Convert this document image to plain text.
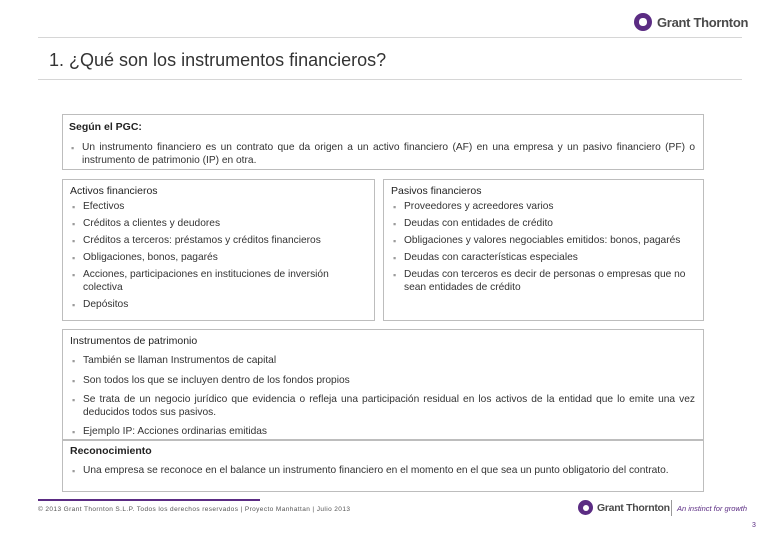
Grant Thornton
1. ¿Qué son los instrumentos financieros?
Según el PGC:
▪ Un instrumento financiero es un contrato que da origen a un activo financiero (AF) en una empresa y un pasivo financiero (PF) o instrumento de patrimonio (IP) en otra.
Activos financieros
▪ Efectivos
▪ Créditos a clientes y deudores
▪ Créditos a terceros: préstamos y créditos financieros
▪ Obligaciones, bonos, pagarés
▪ Acciones, participaciones en instituciones de inversión colectiva
▪ Depósitos
Pasivos financieros
▪ Proveedores y acreedores varios
▪ Deudas con entidades de crédito
▪ Obligaciones y valores negociables emitidos: bonos, pagarés
▪ Deudas con características especiales
▪ Deudas con terceros es decir de personas o empresas que no sean entidades de crédito
Instrumentos de patrimonio
▪ También se llaman Instrumentos de capital
▪ Son todos los que se incluyen dentro de los fondos propios
▪ Se trata de un negocio jurídico que evidencia o refleja una participación residual en los activos de la entidad que lo emite una vez deducidos todos sus pasivos.
▪ Ejemplo IP: Acciones ordinarias emitidas
Reconocimiento
▪ Una empresa se reconoce en el balance un instrumento financiero en el momento en el que sea un punto obligatorio del contrato.
© 2013 Grant Thornton S.L.P. Todos los derechos reservados | Proyecto Manhattan | Julio 2013	Grant Thornton An instinct for growth
3
